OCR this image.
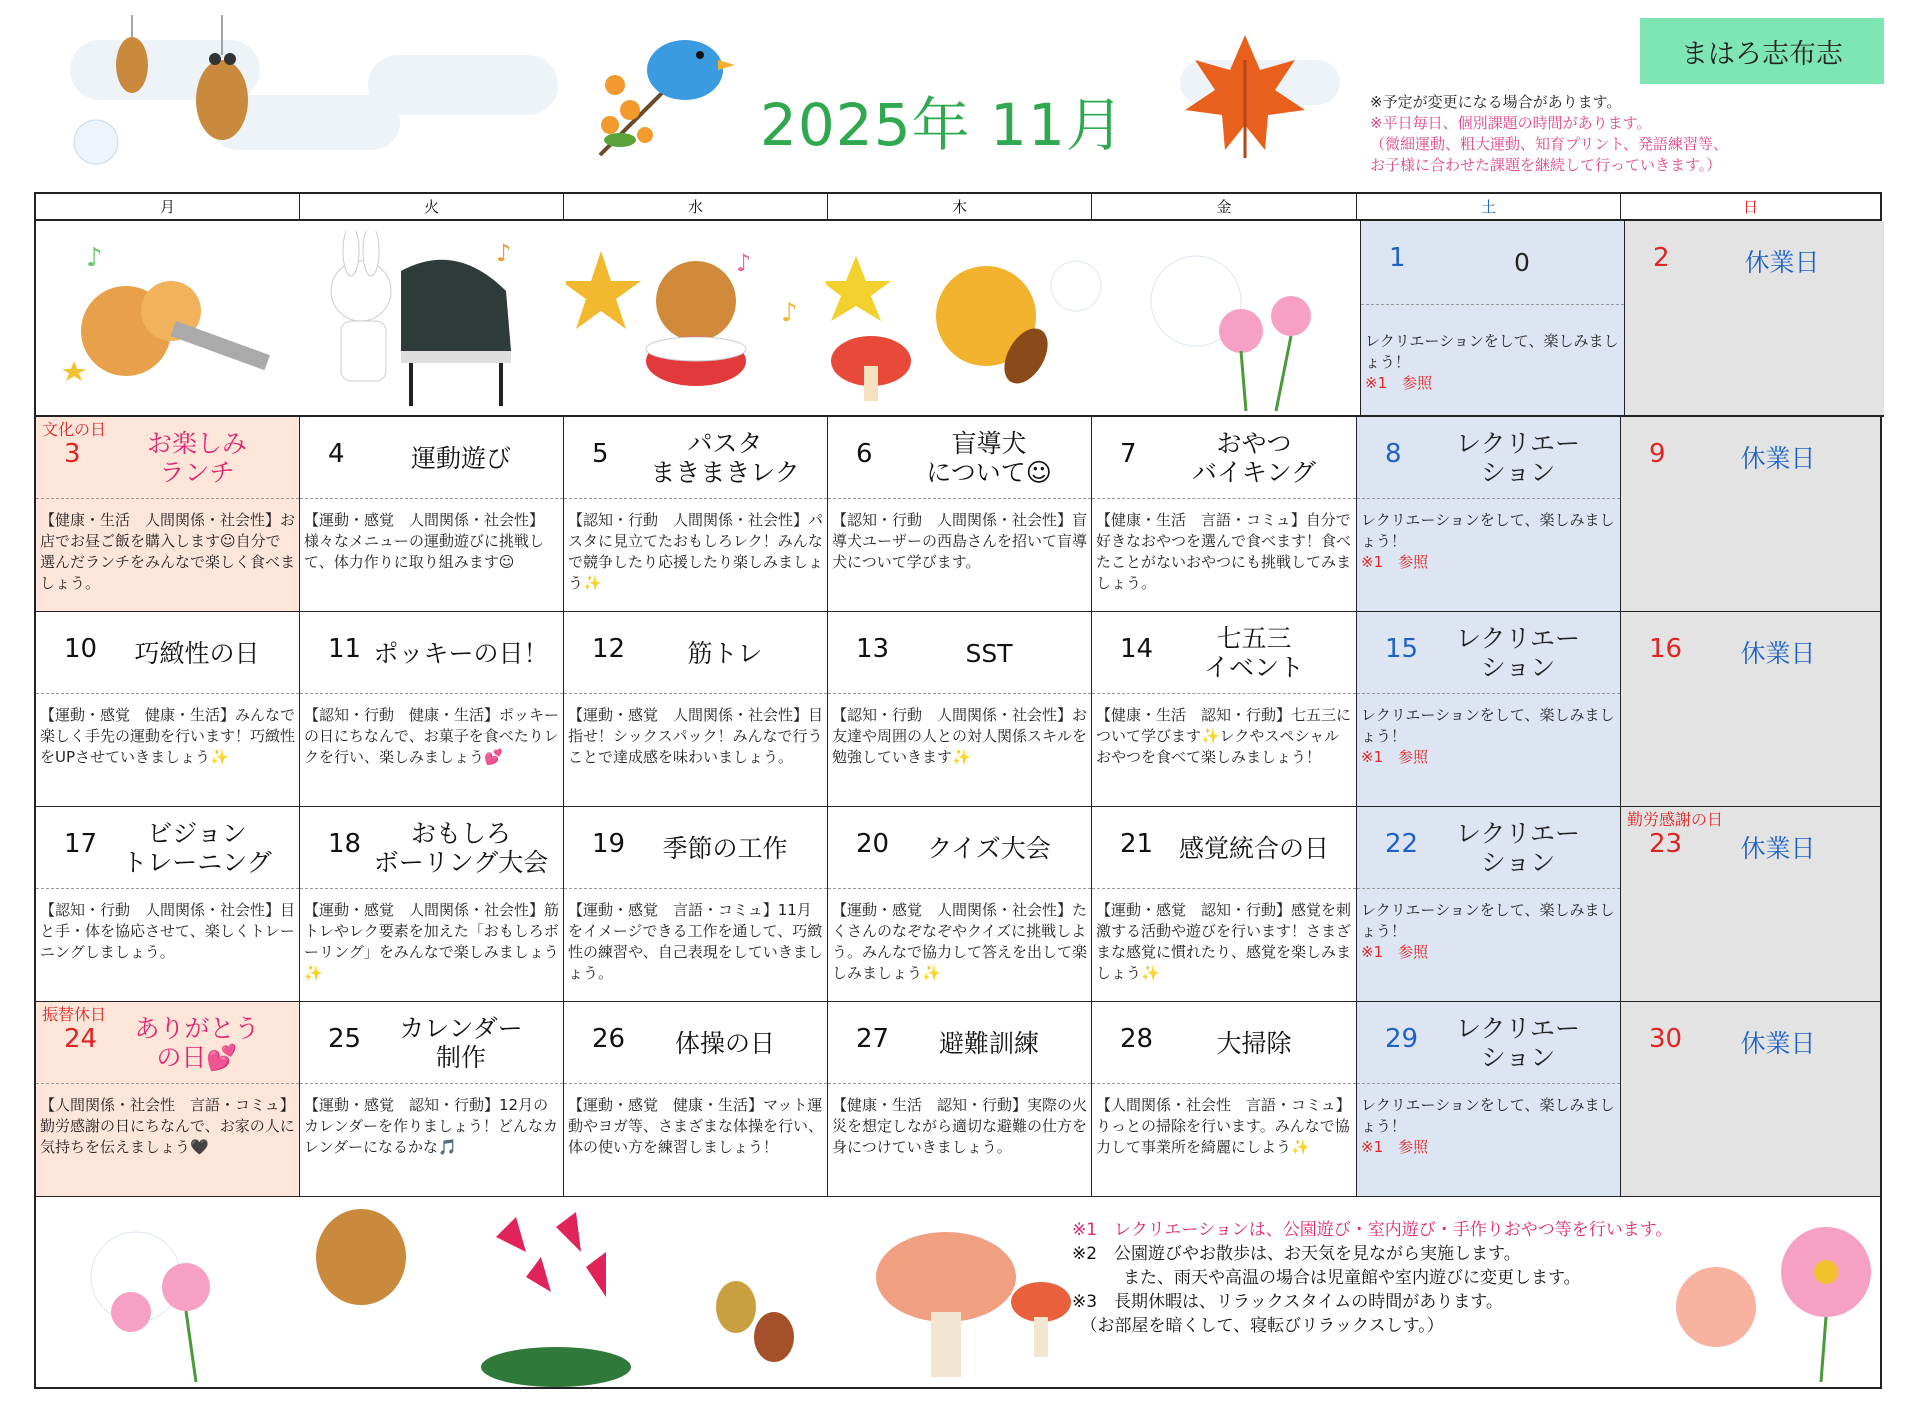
2025年 11月
まはろ志布志
※予定が変更になる場合があります。
※平日毎日、個別課題の時間があります。
（微細運動、粗大運動、知育プリント、発語練習等、
お子様に合わせた課題を継続して行っていきます。）
月	火	水	木	金	土	日
♪	♪	♪
♪
1	0
レクリエーションをして、楽しみましょう！
※1　参照
2	休業日
文化の日
3	お楽しみ
ランチ
【健康・生活　人間関係・社会性】お店でお昼ご飯を購入します☺自分で選んだランチをみんなで楽しく食べましょう。
4	運動遊び
【運動・感覚　人間関係・社会性】様々なメニューの運動遊びに挑戦して、体力作りに取り組みます☺
5	パスタ
まきまきレク
【認知・行動　人間関係・社会性】パスタに見立てたおもしろレク！みんなで競争したり応援したり楽しみましょう✨
6	盲導犬
について☺
【認知・行動　人間関係・社会性】盲導犬ユーザーの西島さんを招いて盲導犬について学びます。
7	おやつ
バイキング
【健康・生活　言語・コミュ】自分で好きなおやつを選んで食べます！食べたことがないおやつにも挑戦してみましょう。
8	レクリエー
ション
レクリエーションをして、楽しみましょう！
※1　参照
9	休業日
10	巧緻性の日
【運動・感覚　健康・生活】みんなで楽しく手先の運動を行います！巧緻性をUPさせていきましょう✨
11 ポッキーの日！
【認知・行動　健康・生活】ポッキーの日にちなんで、お菓子を食べたりレクを行い、楽しみましょう💕
12	筋トレ
【運動・感覚　人間関係・社会性】目指せ！シックスパック！みんなで行うことで達成感を味わいましょう。
13	SST
【認知・行動　人間関係・社会性】お友達や周囲の人との対人関係スキルを勉強していきます✨
14	七五三
イベント
【健康・生活　認知・行動】七五三について学びます✨レクやスペシャルおやつを食べて楽しみましょう！
15	レクリエー
ション
レクリエーションをして、楽しみましょう！
※1　参照
16	休業日
17	ビジョン
トレーニング
【認知・行動　人間関係・社会性】目と手・体を協応させて、楽しくトレーニングしましょう。
18	おもしろ
ボーリング大会
【運動・感覚　人間関係・社会性】筋トレやレク要素を加えた「おもしろボーリング」をみんなで楽しみましょう✨
19	季節の工作
【運動・感覚　言語・コミュ】11月をイメージできる工作を通して、巧緻性の練習や、自己表現をしていきましょう。
20	クイズ大会
【運動・感覚　人間関係・社会性】たくさんのなぞなぞやクイズに挑戦しよう。みんなで協力して答えを出して楽しみましょう✨
21	感覚統合の日
【運動・感覚　認知・行動】感覚を刺激する活動や遊びを行います！さまざまな感覚に慣れたり、感覚を楽しみましょう✨
22	レクリエー
ション
レクリエーションをして、楽しみましょう！
※1　参照
勤労感謝の日
23	休業日
振替休日
24	ありがとう
の日💕
【人間関係・社会性　言語・コミュ】
勤労感謝の日にちなんで、お家の人に気持ちを伝えましょう🖤
25	カレンダー
制作
【運動・感覚　認知・行動】12月のカレンダーを作りましょう！どんなカレンダーになるかな🎵
26	体操の日
【運動・感覚　健康・生活】マット運動やヨガ等、さまざまな体操を行い、体の使い方を練習しましょう！
27	避難訓練
【健康・生活　認知・行動】実際の火災を想定しながら適切な避難の仕方を身につけていきましょう。
28	大掃除
【人間関係・社会性　言語・コミュ】りっとの掃除を行います。みんなで協力して事業所を綺麗にしよう✨
29	レクリエー
ション
レクリエーションをして、楽しみましょう！
※1　参照
30	休業日
※1　レクリエーションは、公園遊び・室内遊び・手作りおやつ等を行います。
※2　公園遊びやお散歩は、お天気を見ながら実施します。
　　　また、雨天や高温の場合は児童館や室内遊びに変更します。
※3　長期休暇は、リラックスタイムの時間があります。
　（お部屋を暗くして、寝転びリラックスしす。）
